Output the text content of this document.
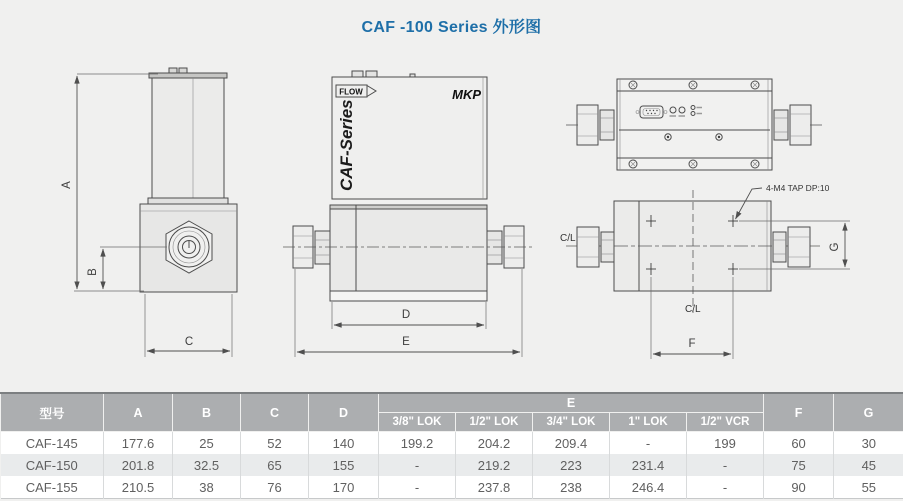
CAF -100 Series 外形图
A
B
C
FLOW	MKP
CAF-Series
D
E
4-M4 TAP DP:10
C/L
C/L
G
F
型号	A	B	C	D	E					F	G
					3/8" LOK	1/2" LOK	3/4" LOK	1" LOK	1/2" VCR		
CAF-145	177.6	25	52	140	199.2	204.2	209.4	-	199	60	30
CAF-150	201.8	32.5	65	155	-	219.2	223	231.4	-	75	45
CAF-155	210.5	38	76	170	-	237.8	238	246.4	-	90	55
